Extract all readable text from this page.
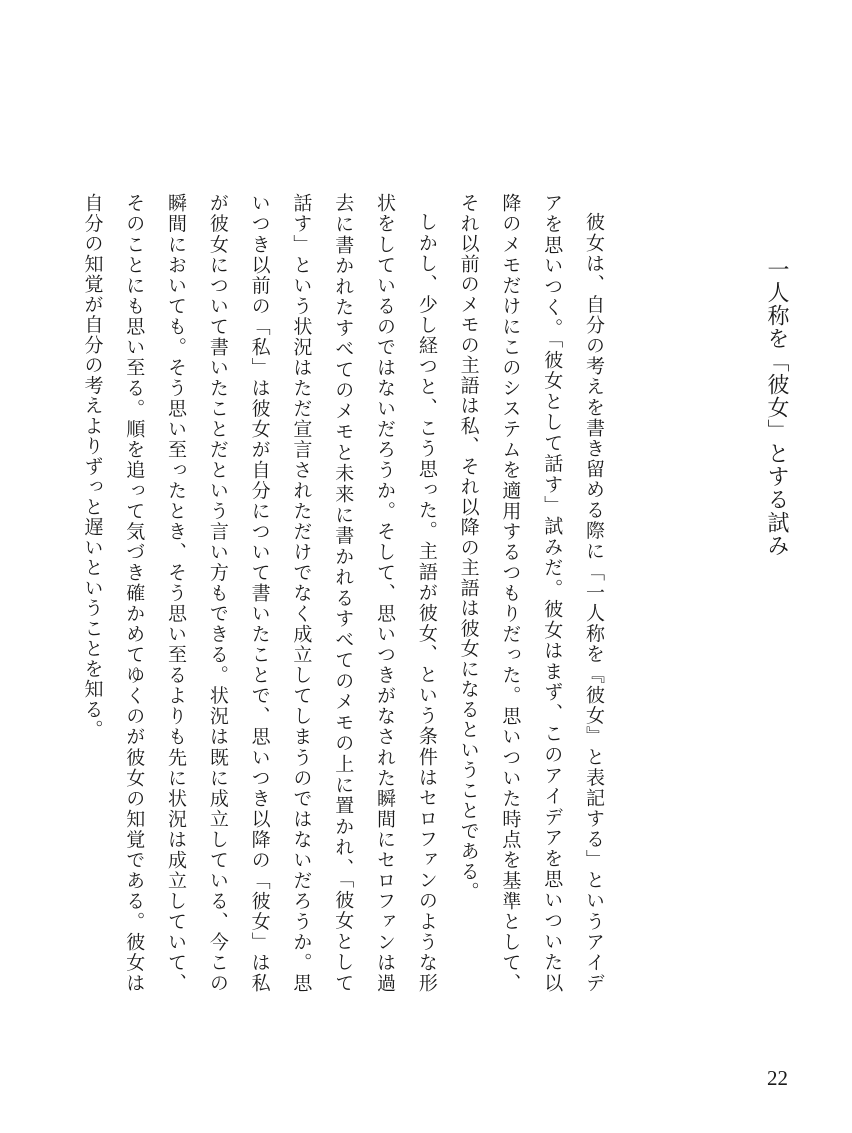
一人称を「彼女」とする試み

彼女は、自分の考えを書き留める際に「一人称を『彼女』と表記する」というアイデアを思いつく。「彼女として話す」試みだ。彼女はまず、このアイデアを思いついた以降のメモだけにこのシステムを適用するつもりだった。思いついた時点を基準として、それ以前のメモの主語は私、それ以降の主語は彼女になるということである。

しかし、少し経つと、こう思った。主語が彼女、という条件はセロファンのような形状をしているのではないだろうか。そして、思いつきがなされた瞬間にセロファンは過去に書かれたすべてのメモと未来に書かれるすべてのメモの上に置かれ、「彼女として話す」という状況はただ宣言されただけでなく成立してしまうのではないだろうか。思いつき以前の「私」は彼女が自分について書いたことで、思いつき以降の「彼女」は私が彼女について書いたことだという言い方もできる。状況は既に成立している、今この瞬間においても。そう思い至ったとき、そう思い至るよりも先に状況は成立していて、そのことにも思い至る。順を追って気づき確かめてゆくのが彼女の知覚である。彼女は自分の知覚が自分の考えよりずっと遅いということを知る。

22
